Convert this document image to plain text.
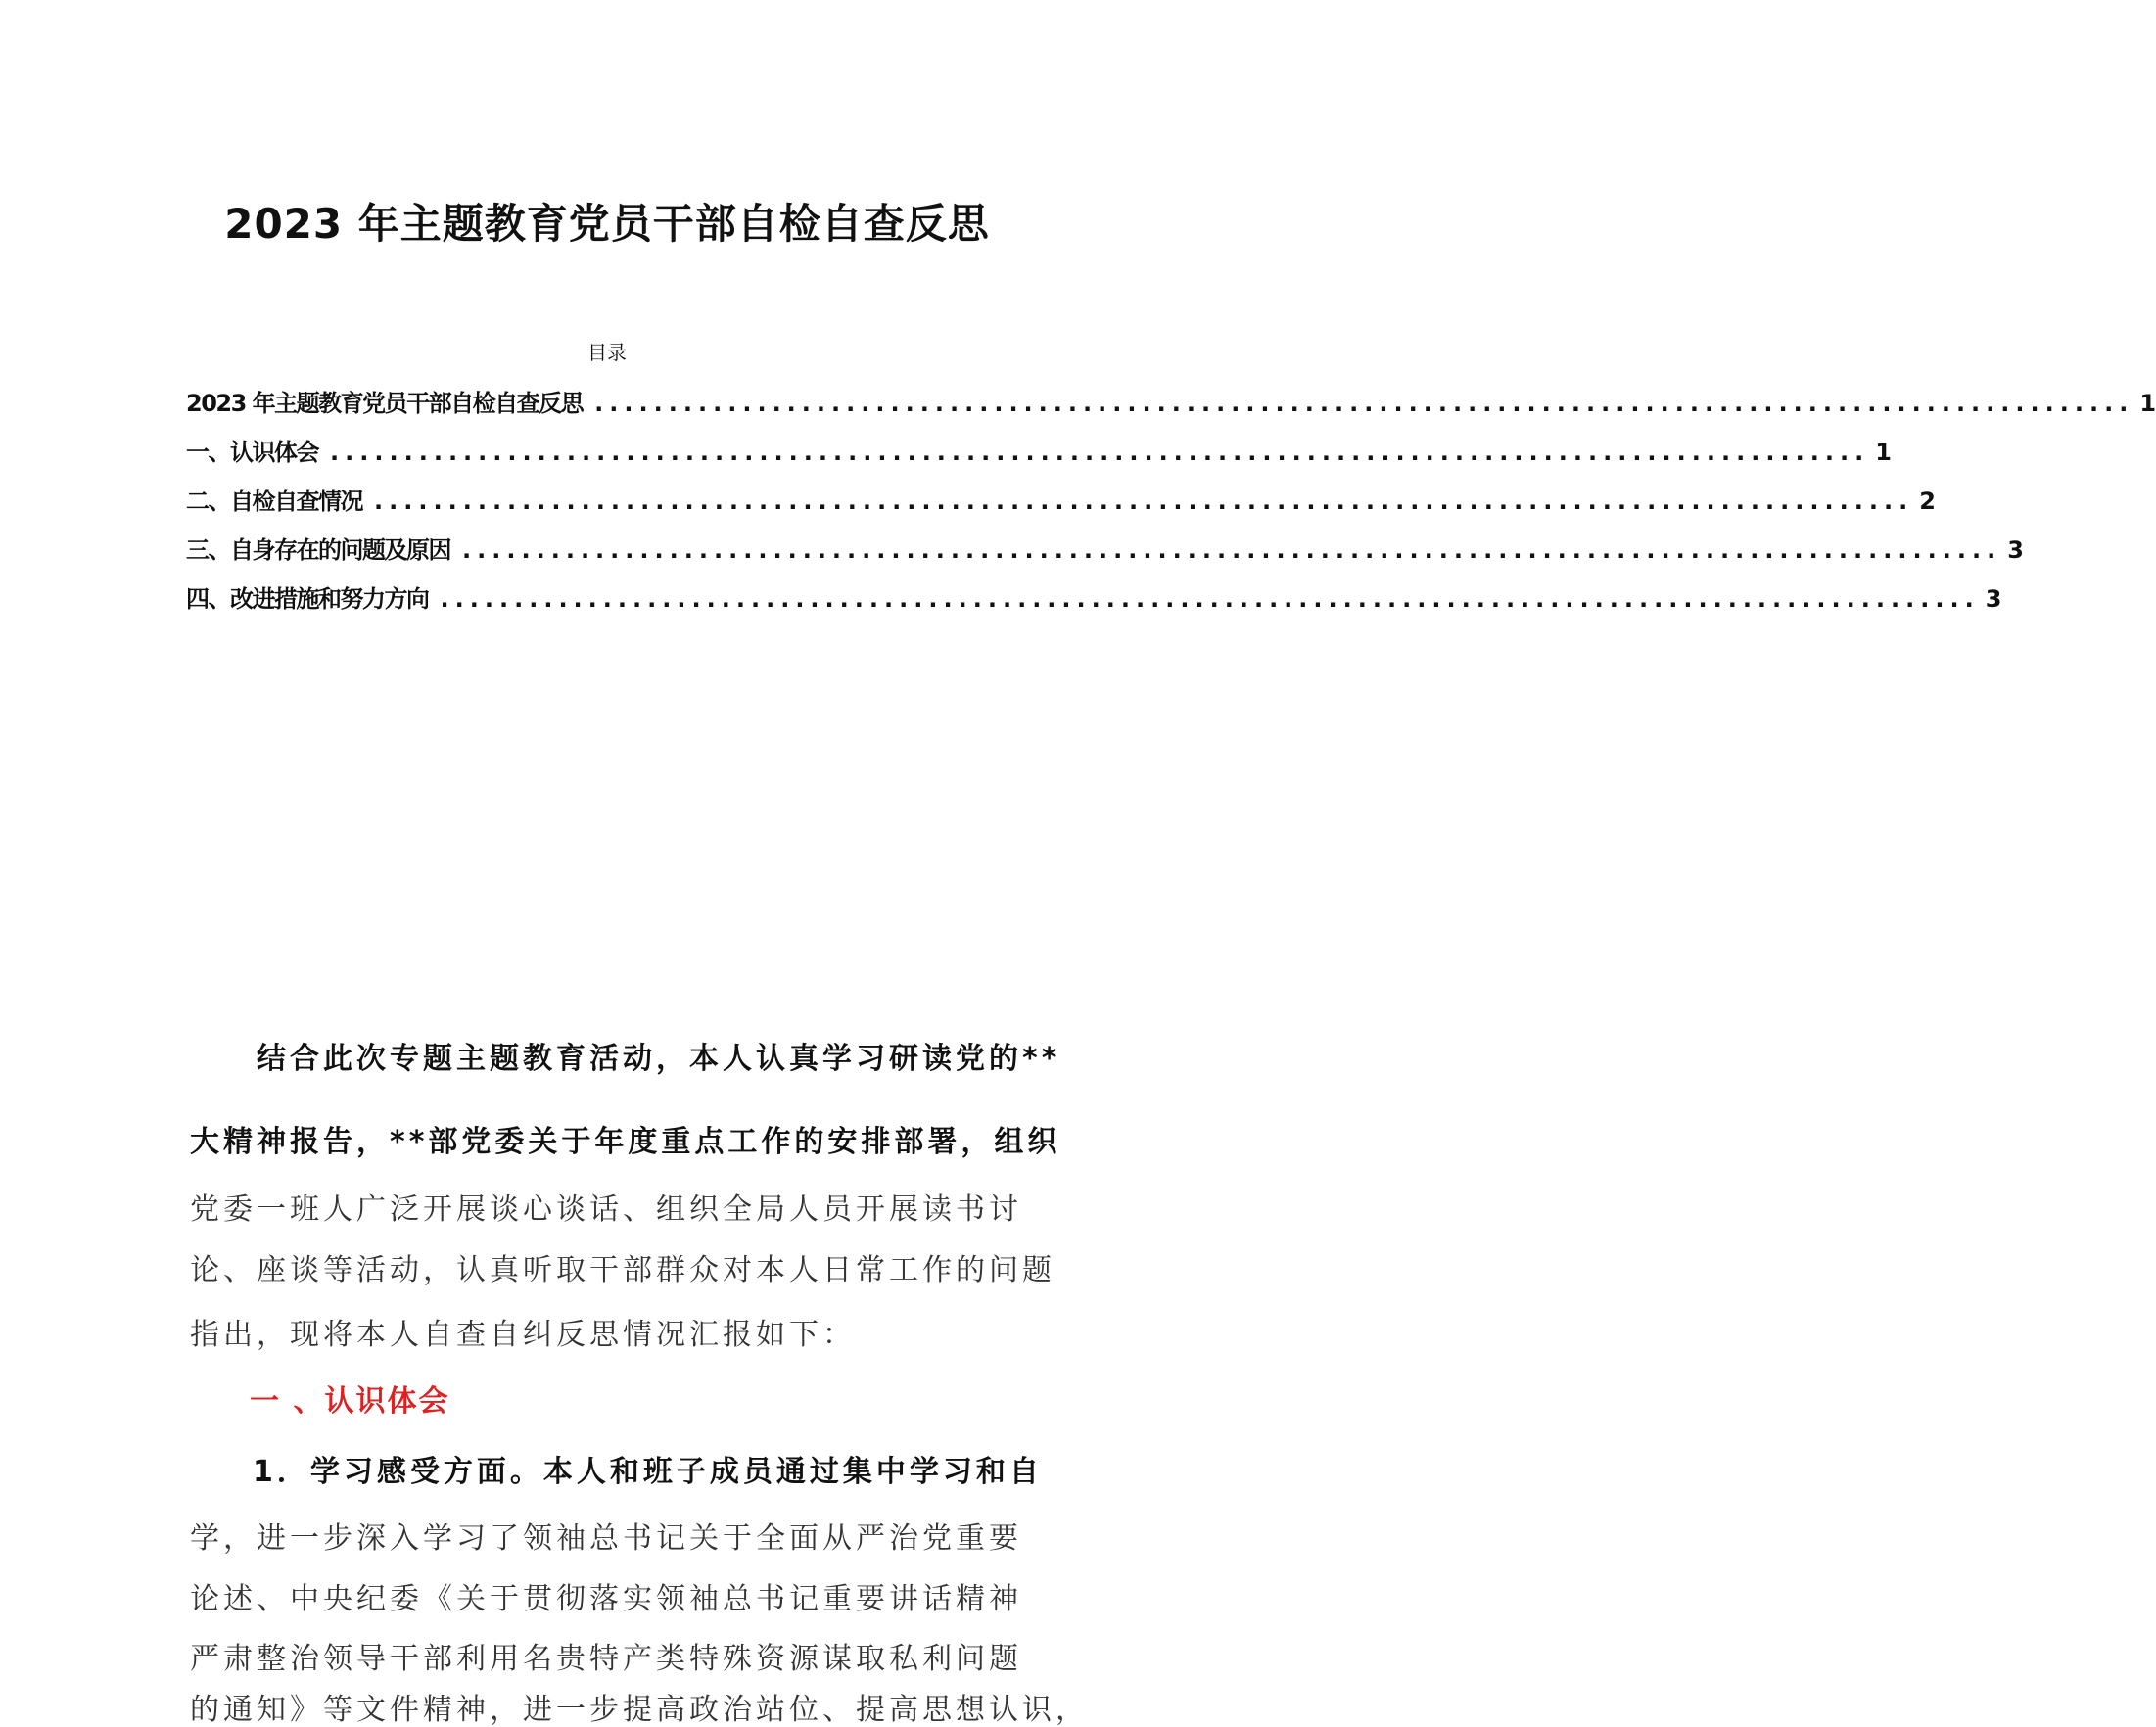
2023 年主题教育党员干部自检自查反思
目录
2023 年主题教育党员干部自检自查反思 ........................................................................................................ 1
一、认识体会 ........................................................................................................ 1
二、自检自查情况 ........................................................................................................ 2
三、自身存在的问题及原因 ........................................................................................................ 3
四、改进措施和努力方向 ........................................................................................................ 3
结合此次专题主题教育活动，本人认真学习研读党的**
大精神报告，**部党委关于年度重点工作的安排部署，组织
党委一班人广泛开展谈心谈话、组织全局人员开展读书讨
论、座谈等活动，认真听取干部群众对本人日常工作的问题
指出，现将本人自查自纠反思情况汇报如下：
一 、认识体会
1．学习感受方面。本人和班子成员通过集中学习和自
学，进一步深入学习了领袖总书记关于全面从严治党重要
论述、中央纪委《关于贯彻落实领袖总书记重要讲话精神
严肃整治领导干部利用名贵特产类特殊资源谋取私利问题
的通知》等文件精神，进一步提高政治站位、提高思想认识，
